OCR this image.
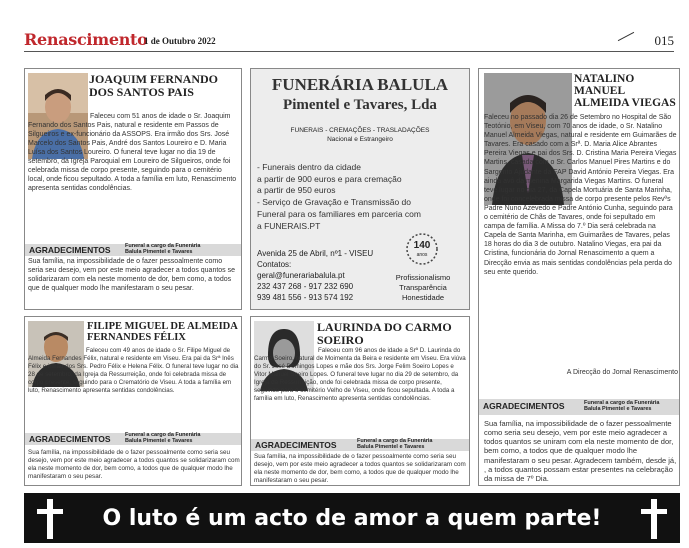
Renascimento
1 de Outubro 2022	015
JOAQUIM FERNANDO
DOS SANTOS PAIS
Faleceu com 51 anos de idade o Sr. Joaquim Fernando dos Santos Pais, natural e residente em Passos de Silgueiros e ex-funcionário da ASSOPS. Era irmão dos Srs. José Marcelo dos Santos Pais, André dos Santos Loureiro e D. Maria Luísa dos Santos Loureiro. O funeral teve lugar no dia 19 de setembro, da Igreja Paroquial em Loureiro de Silgueiros, onde foi celebrada missa de corpo presente, seguindo para o cemitério local, onde ficou sepultado. A toda a família em luto, Renascimento apresenta sentidas condolências.
AGRADECIMENTOS	Funeral a cargo da Funerária
Balula Pimentel e Tavares
Sua família, na impossibilidade de o fazer pessoalmente como seria seu desejo, vem por este meio agradecer a todos quantos se solidarizaram com ela neste momento de dor, bem como, a todos que de qualquer modo lhe manifestaram o seu pesar.
FUNERÁRIA BALULA
Pimentel e Tavares, Lda
FUNERAIS - CREMAÇÕES - TRASLADAÇÕES
Nacional e Estrangeiro
- Funerais dentro da cidade
a partir de 900 euros e para cremação
a partir de 950 euros
- Serviço de Gravação e Transmissão do
Funeral para os familiares em parceria com
a FUNERAIS.PT
Avenida 25 de Abril, nº1 - VISEU
Contatos:
geral@funerariabalula.pt
232 437 268 - 917 232 690
939 481 556 - 913 574 192
140
anos
Profissionalismo
Transparência
Honestidade
NATALINO
MANUEL
ALMEIDA VIEGAS
Faleceu no passado dia 26 de Setembro no Hospital de São Teotónio, em Viseu, com 70 anos de idade, o Sr. Natalino Manuel Almeida Viegas, natural e residente em Guimarães de Tavares. Era casado com a Srª. D. Maria Alice Abrantes Pereira Viegas e pai dos Srs. D. Cristina Maria Pereira Viegas Martins, casada com o Sr. Carlos Manuel Pires Martins e do Sargento Ajudante da FAP David António Pereira Viegas. Era ainda avô da menina Margarida Viegas Martins. O funeral teve lugar no dia 27, da Capela Mortuária de Santa Marinha, onde foi concelebrada missa de corpo presente pelos Revºs Padre Nuno Azevedo e Padre António Cunha, seguindo para o cemitério de Chãs de Tavares, onde foi sepultado em campa de família. A Missa do 7.º Dia será celebrada na Capela de Santa Marinha, em Guimarães de Tavares, pelas 18 horas do dia 3 de outubro. Natalino Viegas, era pai da Cristina, funcionária do Jornal Renascimento a quem a Direcção envia as mais sentidas condolências pela perda do seu ente querido.
A Direcção do Jornal Renascimento
AGRADECIMENTOS	Funeral a cargo da Funerária
Balula Pimentel e Tavares
Sua família, na impossibilidade de o fazer pessoalmente como seria seu desejo, vem por este meio agradecer a todos quantos se uniram com ela neste momento de dor, bem como, a todos que de qualquer modo lhe manifestaram o seu pesar. Agradecem também, desde já, , a todos quantos possam estar presentes na celebração da missa de 7º Dia.
FILIPE MIGUEL DE ALMEIDA
FERNANDES FÉLIX
Faleceu com 49 anos de idade o Sr. Filipe Miguel de Almeida Fernandes Félix, natural e residente em Viseu. Era pai da Srª Inês Félix e irmão dos Srs. Pedro Félix e Helena Félix. O funeral teve lugar no dia 28 de setembro, da Igreja da Ressurreição, onde foi celebrada missa de corpo presente, seguindo para o Crematório de Viseu. A toda a família em luto, Renascimento apresenta sentidas condolências.
AGRADECIMENTOS	Funeral a cargo da Funerária
Balula Pimentel e Tavares
Sua família, na impossibilidade de o fazer pessoalmente como seria seu desejo, vem por este meio agradecer a todos quantos se solidarizaram com ela neste momento de dor, bem como, a todos que de qualquer modo lhe manifestaram o seu pesar.
LAURINDA DO CARMO
SOEIRO
Faleceu com 96 anos de idade a Srª D. Laurinda do Carmo Soeiro, natural de Moimenta da Beira e residente em Viseu. Era viúva do Sr. José Domingos Lopes e mãe dos Srs. Jorge Felim Soeiro Lopes e Vitor Manuel Soeiro Lopes. O funeral teve lugar no dia 29 de setembro, da Igreja da Ressurreição, onde foi celebrada missa de corpo presente, seguindo para o cemitério Velho de Viseu, onde ficou sepultada. A toda a família em luto, Renascimento apresenta sentidas condolências.
AGRADECIMENTOS	Funeral a cargo da Funerária
Balula Pimentel e Tavares
Sua família, na impossibilidade de o fazer pessoalmente como seria seu desejo, vem por este meio agradecer a todos quantos se solidarizaram com ela neste momento de dor, bem como, a todos que de qualquer modo lhe manifestaram o seu pesar.
O luto é um acto de amor a quem parte!
